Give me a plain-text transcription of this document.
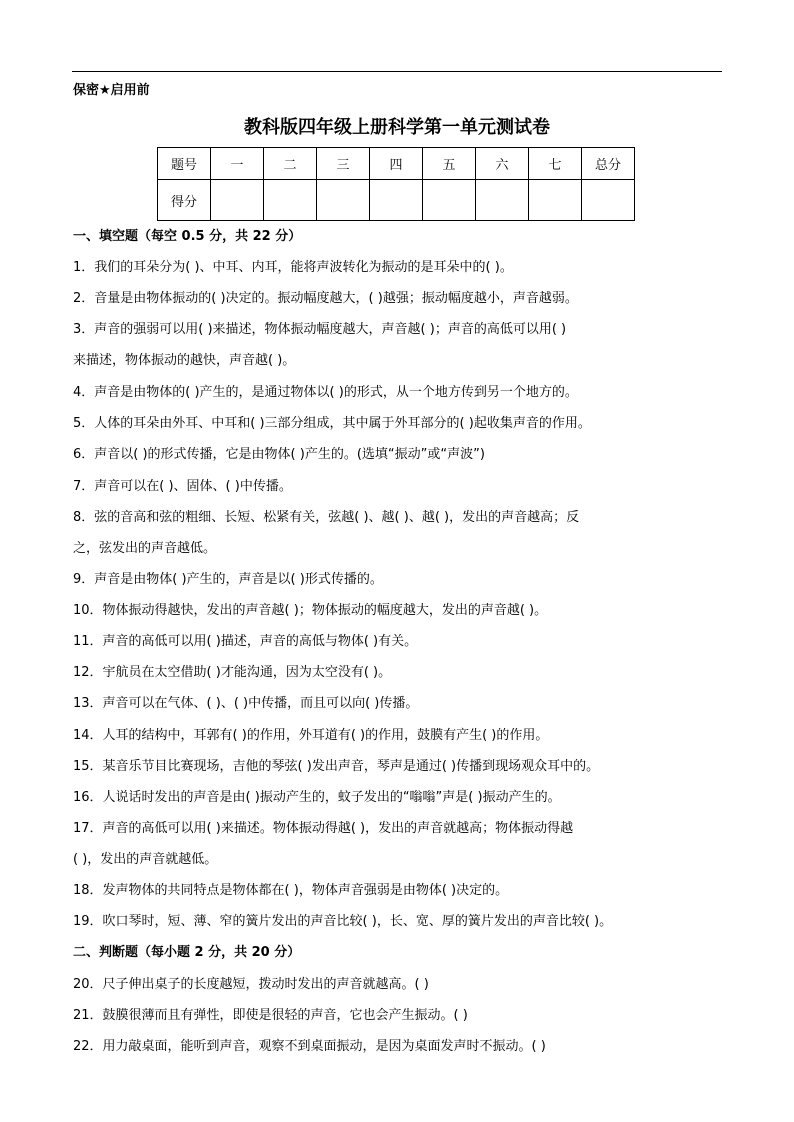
保密★启用前
教科版四年级上册科学第一单元测试卷
题号	一	二	三	四	五	六	七	总分
得分								
一、填空题（每空 0.5 分，共 22 分）
1．我们的耳朵分为( )、中耳、内耳，能将声波转化为振动的是耳朵中的( )。
2．音量是由物体振动的( )决定的。振动幅度越大，( )越强；振动幅度越小，声音越弱。
3．声音的强弱可以用( )来描述，物体振动幅度越大，声音越( )；声音的高低可以用( )
来描述，物体振动的越快，声音越( )。
4．声音是由物体的( )产生的，是通过物体以( )的形式，从一个地方传到另一个地方的。
5．人体的耳朵由外耳、中耳和( )三部分组成，其中属于外耳部分的( )起收集声音的作用。
6．声音以( )的形式传播，它是由物体( )产生的。(选填“振动”或“声波”)
7．声音可以在( )、固体、( )中传播。
8．弦的音高和弦的粗细、长短、松紧有关，弦越( )、越( )、越( )，发出的声音越高；反
之，弦发出的声音越低。
9．声音是由物体( )产生的，声音是以( )形式传播的。
10．物体振动得越快，发出的声音越( )；物体振动的幅度越大，发出的声音越( )。
11．声音的高低可以用( )描述，声音的高低与物体( )有关。
12．宇航员在太空借助( )才能沟通，因为太空没有( )。
13．声音可以在气体、( )、( )中传播，而且可以向( )传播。
14．人耳的结构中，耳郭有( )的作用，外耳道有( )的作用，鼓膜有产生( )的作用。
15．某音乐节目比赛现场，吉他的琴弦( )发出声音，琴声是通过( )传播到现场观众耳中的。
16．人说话时发出的声音是由( )振动产生的，蚊子发出的“嗡嗡”声是( )振动产生的。
17．声音的高低可以用( )来描述。物体振动得越( )，发出的声音就越高；物体振动得越
( )，发出的声音就越低。
18．发声物体的共同特点是物体都在( )，物体声音强弱是由物体( )决定的。
19．吹口琴时，短、薄、窄的簧片发出的声音比较( )，长、宽、厚的簧片发出的声音比较( )。
二、判断题（每小题 2 分，共 20 分）
20．尺子伸出桌子的长度越短，拨动时发出的声音就越高。( )
21．鼓膜很薄而且有弹性，即使是很轻的声音，它也会产生振动。( )
22．用力敲桌面，能听到声音，观察不到桌面振动，是因为桌面发声时不振动。( )
